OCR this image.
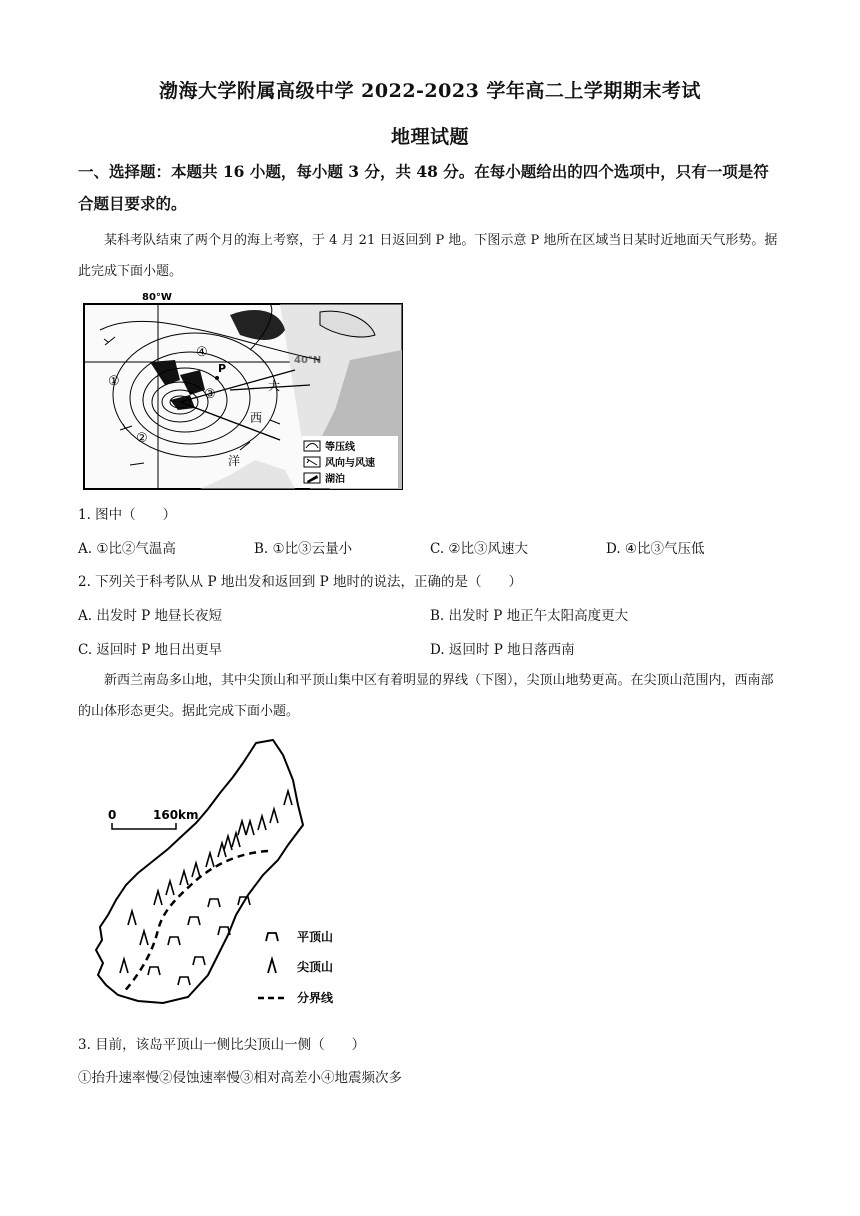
渤海大学附属高级中学 2022-2023 学年高二上学期期末考试
地理试题
一、选择题：本题共 16 小题，每小题 3 分，共 48 分。在每小题给出的四个选项中，只有一项是符合题目要求的。
某科考队结束了两个月的海上考察，于 4 月 21 日返回到 P 地。下图示意 P 地所在区域当日某时近地面天气形势。据此完成下面小题。
80°W
①
②
③
④
P
大
西
洋
等压线
风向与风速
湖泊
1. 图中（　　）
A. ①比②气温高	B. ①比③云量小	C. ②比③风速大	D. ④比③气压低
2. 下列关于科考队从 P 地出发和返回到 P 地时的说法，正确的是（　　）
A. 出发时 P 地昼长夜短	B. 出发时 P 地正午太阳高度更大
C. 返回时 P 地日出更早	D. 返回时 P 地日落西南
新西兰南岛多山地，其中尖顶山和平顶山集中区有着明显的界线（下图），尖顶山地势更高。在尖顶山范围内，西南部的山体形态更尖。据此完成下面小题。
0	160km
平顶山
尖顶山
分界线
3. 目前，该岛平顶山一侧比尖顶山一侧（　　）
①抬升速率慢②侵蚀速率慢③相对高差小④地震频次多
